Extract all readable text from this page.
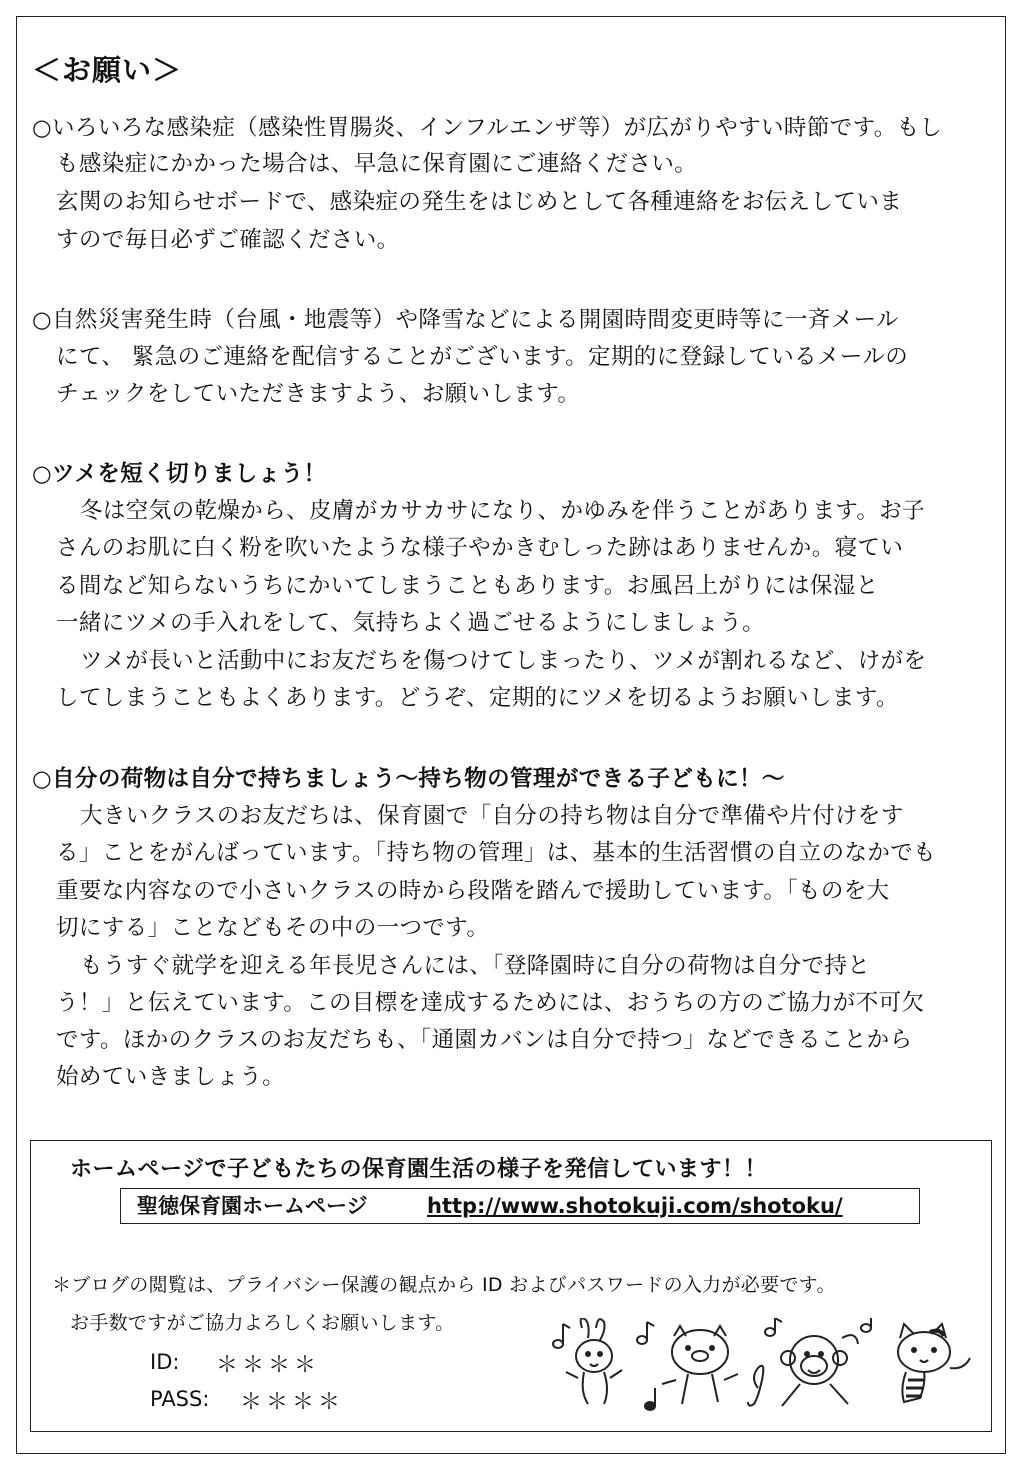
＜お願い＞
○いろいろな感染症（感染性胃腸炎、インフルエンザ等）が広がりやすい時節です。もし
も感染症にかかった場合は、早急に保育園にご連絡ください。
玄関のお知らせボードで、感染症の発生をはじめとして各種連絡をお伝えしていま
すので毎日必ずご確認ください。
○自然災害発生時（台風・地震等）や降雪などによる開園時間変更時等に一斉メール
にて、 緊急のご連絡を配信することがございます。定期的に登録しているメールの
チェックをしていただきますよう、お願いします。
○ツメを短く切りましょう！
冬は空気の乾燥から、皮膚がカサカサになり、かゆみを伴うことがあります。お子
さんのお肌に白く粉を吹いたような様子やかきむしった跡はありませんか。寝てい
る間など知らないうちにかいてしまうこともあります。お風呂上がりには保湿と
一緒にツメの手入れをして、気持ちよく過ごせるようにしましょう。
ツメが長いと活動中にお友だちを傷つけてしまったり、ツメが割れるなど、けがを
してしまうこともよくあります。どうぞ、定期的にツメを切るようお願いします。
○自分の荷物は自分で持ちましょう～持ち物の管理ができる子どもに！～
大きいクラスのお友だちは、保育園で「自分の持ち物は自分で準備や片付けをす
る」ことをがんばっています。「持ち物の管理」は、基本的生活習慣の自立のなかでも
重要な内容なので小さいクラスの時から段階を踏んで援助しています。「ものを大
切にする」ことなどもその中の一つです。
もうすぐ就学を迎える年長児さんには、「登降園時に自分の荷物は自分で持と
う！」と伝えています。この目標を達成するためには、おうちの方のご協力が不可欠
です。ほかのクラスのお友だちも、「通園カバンは自分で持つ」などできることから
始めていきましょう。
ホームページで子どもたちの保育園生活の様子を発信しています！！
聖徳保育園ホームページ	http://www.shotokuji.com/shotoku/
＊ブログの閲覧は、プライバシー保護の観点から ID およびパスワードの入力が必要です。
お手数ですがご協力よろしくお願いします。
ID: ＊＊＊＊
PASS: ＊＊＊＊
